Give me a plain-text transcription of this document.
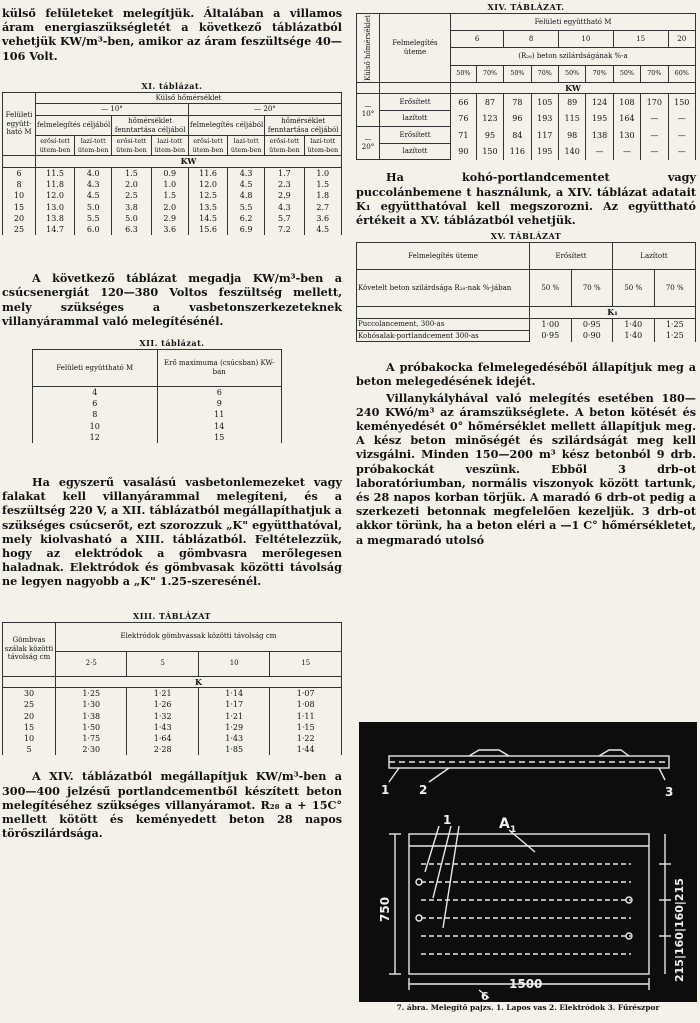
külső felületeket melegítjük. Általában a villamos áram energiaszükségletét a következő táblázatból vehetjük KW/m³-ben, amikor az áram feszültsége 40—106 Volt.

XI. táblázat.
Felületi együtt-ható M	Külső hőmérséklet							
	— 10°				— 20°			
	felmelegítés céljából		hőmérséklet fenntartása céljából		felmelegítés céljából		hőmérséklet fenntartása céljából	
	erősí-tett ütem-ben	lazí-tott ütem-ben	erősí-tett ütem-ben	lazí-tott ütem-ben	erősí-tett ütem-ben	lazí-tott ütem-ben	erősí-tett ütem-ben	lazí-tott ütem-ben
	KW							
6	11.5	4.0	1.5	0.9	11.6	4.3	1.7	1.0
8	11.8	4.3	2.0	1.0	12.0	4.5	2.3	1.5
10	12.0	4.5	2.5	1.5	12.5	4.8	2.9	1.8
15	13.0	5.0	3.8	2.0	13.5	5.5	4.3	2.7
20	13.8	5.5	5.0	2.9	14.5	6.2	5.7	3.6
25	14.7	6.0	6.3	3.6	15.6	6.9	7.2	4.5

A következő táblázat megadja KW/m³-ben a csúcsenergiát 120—380 Voltos feszültség mellett, mely szükséges a vasbetonszerkezeteknek villanyárammal való melegítésénél.

XII. táblázat.
Felületi együttható M	Erő maximuma (csúcsban) KW-ban
4	6
6	9
8	11
10	14
12	15

Ha egyszerű vasalású vasbetonlemezeket vagy falakat kell villanyárammal melegíteni, és a feszültség 220 V, a XII. táblázatból megállapíthatjuk a szükséges csúcserőt, ezt szorozzuk „K" együtthatóval, mely kiolvasható a XIII. táblázatból. Feltételezzük, hogy az elektródok a gömbvasra merőlegesen haladnak. Elektródok és gömbvasak közötti távolság ne legyen nagyobb a „K" 1.25-szeresénél.

XIII. TÁBLÁZAT
Gömbvas szálak közötti távolság cm	Elektródok gömbvassak közötti távolság cm			
	2·5	5	10	15
	K			
30	1·25	1·21	1·14	1·07
25	1·30	1·26	1·17	1·08
20	1·38	1·32	1·21	1·11
15	1·50	1·43	1·29	1·15
10	1·75	1·64	1·43	1·22
5	2·30	2·28	1·85	1·44

A XIV. táblázatból megállapítjuk KW/m³-ben a 300—400 jelzésű portlandcementből készített beton melegítéséhez szükséges villanyáramot. R₂₈ a + 15C° mellett kötött és keményedett beton 28 napos törőszilárdsága.

XIV. TÁBLÁZAT.
Külső hőmérséklet	Felmelegítés üteme	Felületi együttható M								
		6		8		10		15		20
		(R₂₈) beton szilárdságának %-a								
		50%	70%	50%	70%	50%	70%	50%	70%	60%
		KW								
— 10°	Erősített	66	87	78	105	89	124	108	170	150
	lazított	76	123	96	193	115	195	164	—	—
— 20°	Erősített	71	95	84	117	98	138	130	—	—
	lazított	90	150	116	195	140	—	—	—	—

Ha kohó-portlandcementet vagy puccolánbemene t használunk, a XIV. táblázat adatait K₁ együtthatóval kell megszorozni. Az együttható értékeit a XV. táblázatból vehetjük.

XV. TÁBLÁZAT
Felmelegítés üteme	Erősített		Lazított	
Követelt beton szilárdsága R₂₈-nak %-jában	50 %	70 %	50 %	70 %
	K₁			
Puccolancement, 300-as	1·00	0·95	1·40	1·25
Kohósalak-portlandcement 300-as	0·95	0·90	1·40	1·25

A próbakocka felmelegedéséből állapítjuk meg a beton melegedésének idejét.

Villanykályhával való melegítés esetében 180—240 KWó/m³ az áramszükséglete. A beton kötését és keményedését 0° hőmérséklet mellett állapítjuk meg. A kész beton minőségét és szilárdságát meg kell vizsgálni. Minden 150—200 m³ kész betonból 9 drb. próbakockát veszünk. Ebből 3 drb-ot laboratóriumban, normális viszonyok között tartunk, és 28 napos korban törjük. A maradó 6 drb-ot pedig a szerkezeti betonnak megfelelően kezeljük. 3 drb-ot akkor törünk, ha a beton eléri a —1 C° hőmérsékletet, a megmaradó utolsó

1 2	3
1	A 1
750	215|160|160|215
1500
6
7. ábra. Melegítő pajzs. 1. Lapos vas 2. Elektródok 3. Fűrészpor
